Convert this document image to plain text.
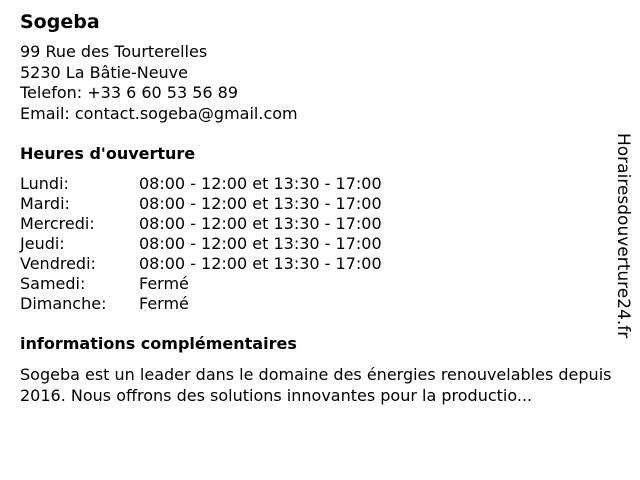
Sogeba
99 Rue des Tourterelles
5230 La Bâtie-Neuve
Telefon: +33 6 60 53 56 89
Email: contact.sogeba@gmail.com
Heures d'ouverture
Lundi:	08:00 - 12:00 et 13:30 - 17:00
Mardi:	08:00 - 12:00 et 13:30 - 17:00
Mercredi:	08:00 - 12:00 et 13:30 - 17:00
Jeudi:	08:00 - 12:00 et 13:30 - 17:00
Vendredi:	08:00 - 12:00 et 13:30 - 17:00
Samedi:	Fermé
Dimanche:	Fermé
informations complémentaires
Sogeba est un leader dans le domaine des énergies renouvelables depuis 2016. Nous offrons des solutions innovantes pour la productio...
Horairesdouverture24.fr
